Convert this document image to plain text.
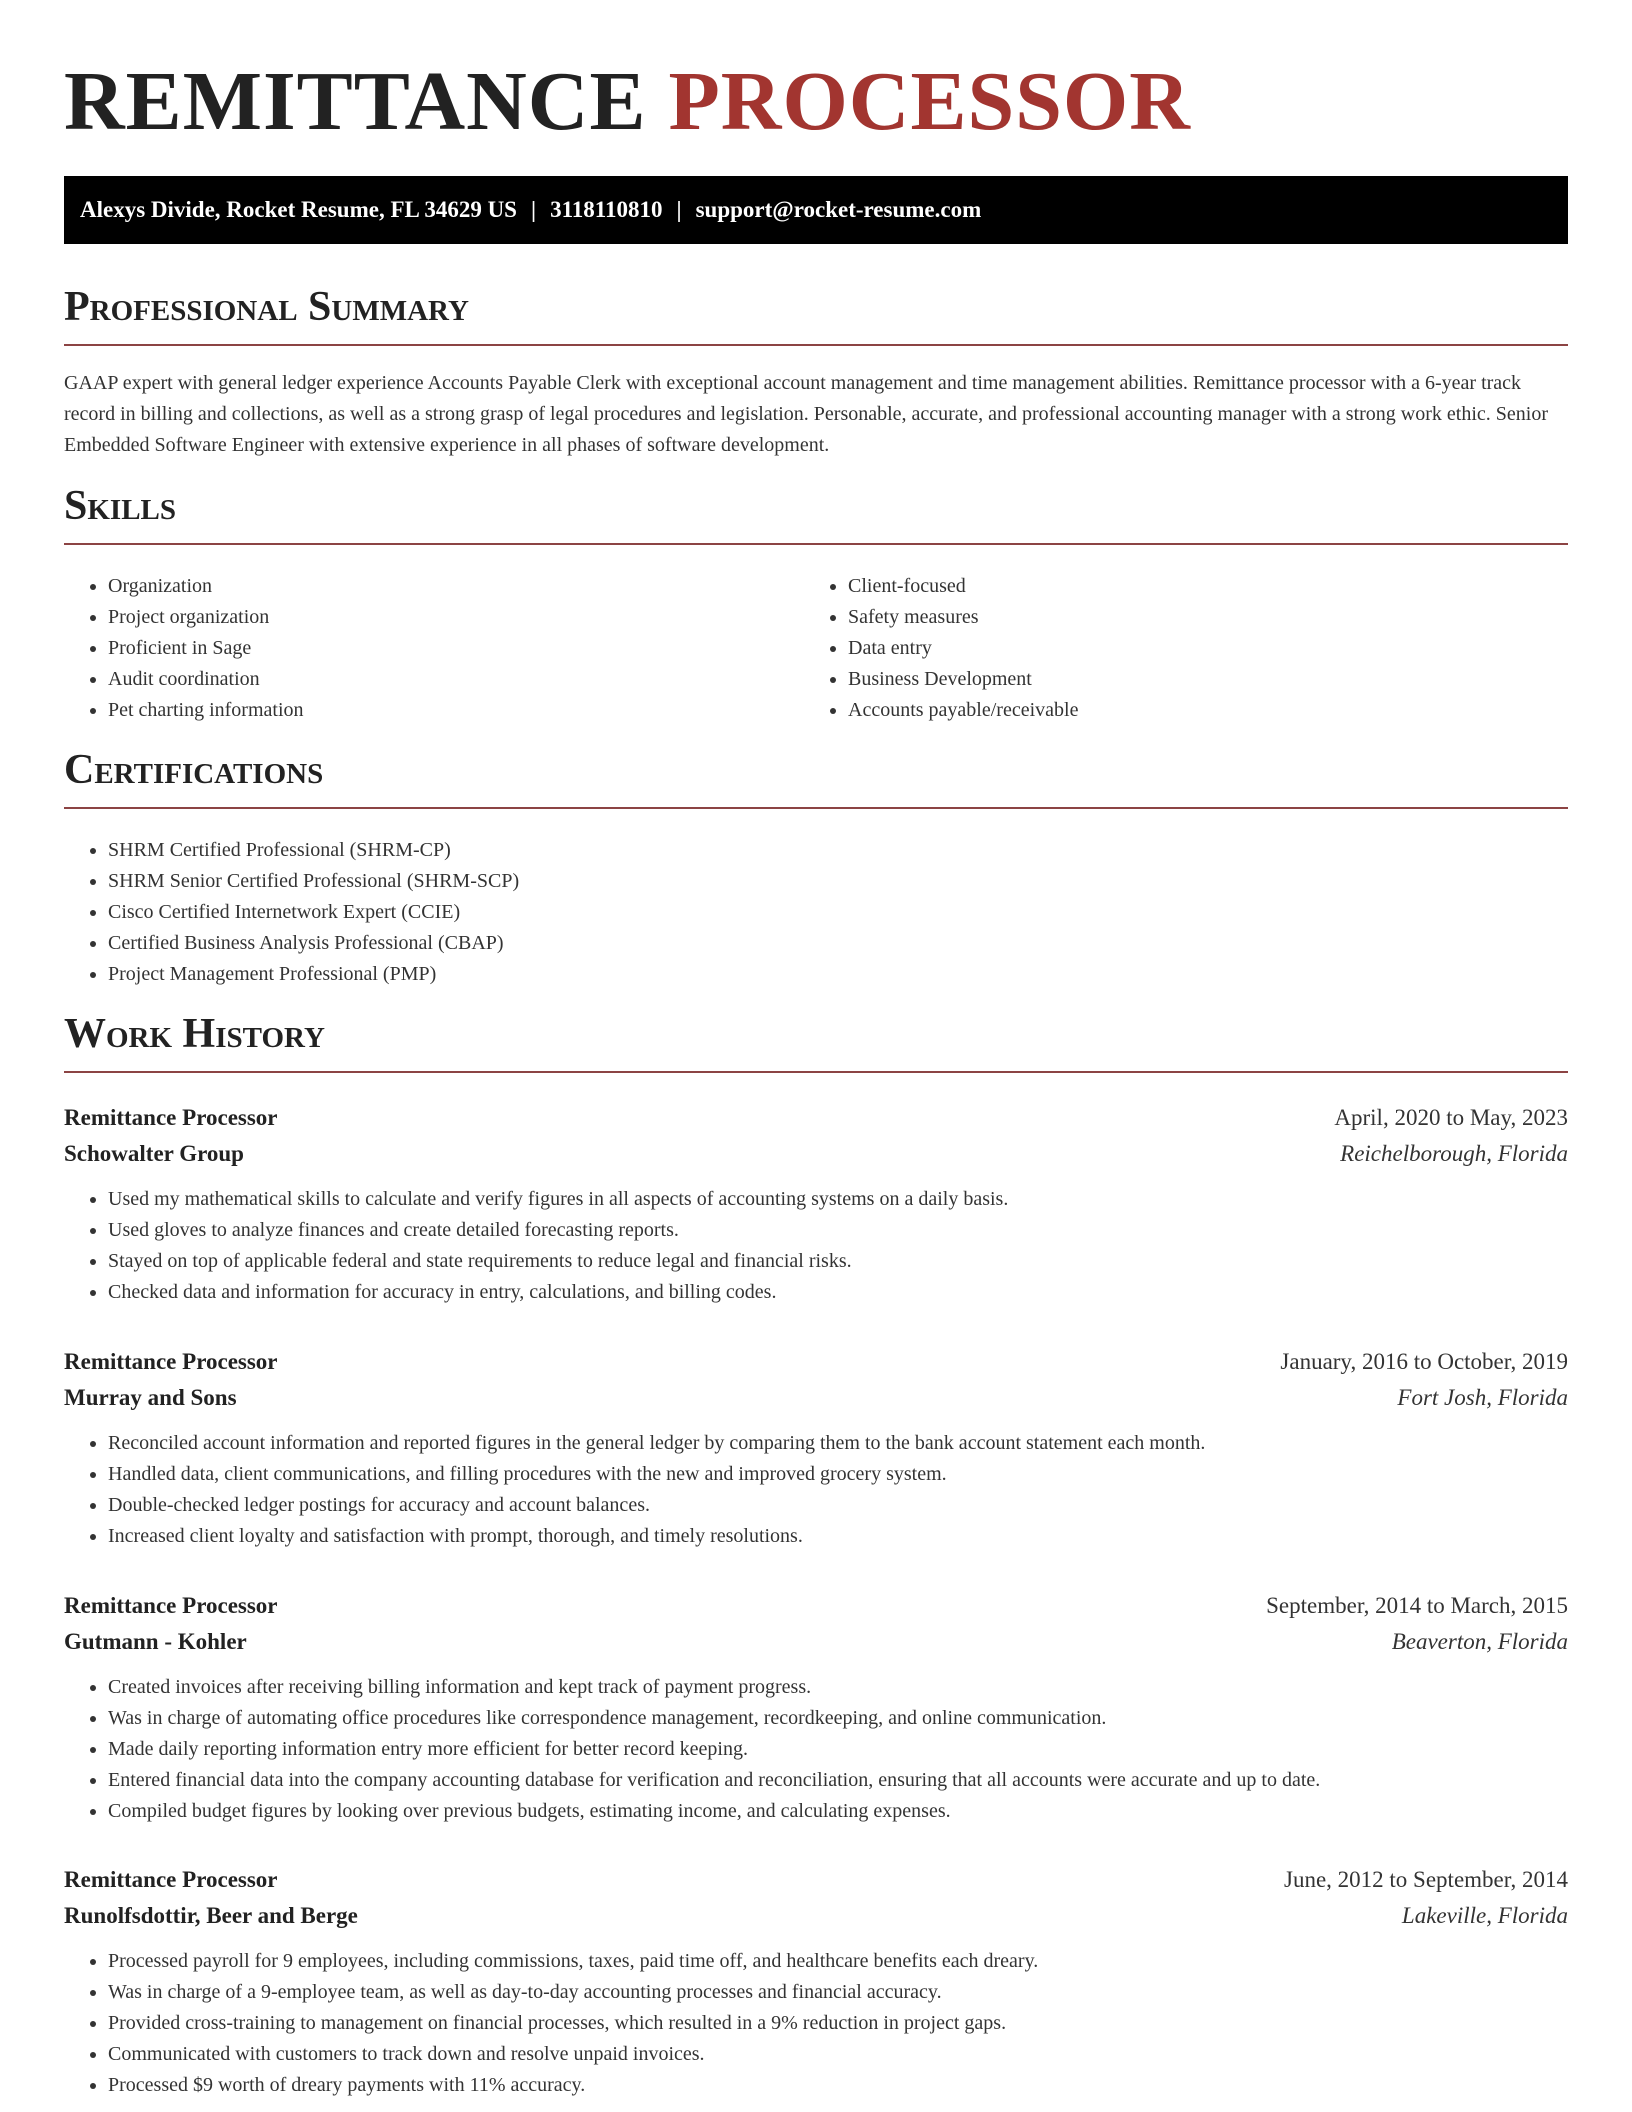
REMITTANCE PROCESSOR
Alexys Divide, Rocket Resume, FL 34629 US | 3118110810 | support@rocket-resume.com
Professional Summary

GAAP expert with general ledger experience Accounts Payable Clerk with exceptional account management and time management abilities. Remittance processor with a 6-year track record in billing and collections, as well as a strong grasp of legal procedures and legislation. Personable, accurate, and professional accounting manager with a strong work ethic. Senior Embedded Software Engineer with extensive experience in all phases of software development.

Skills
• Organization
• Project organization
• Proficient in Sage
• Audit coordination
• Pet charting information
• Client-focused
• Safety measures
• Data entry
• Business Development
• Accounts payable/receivable
Certifications
• SHRM Certified Professional (SHRM-CP)
• SHRM Senior Certified Professional (SHRM-SCP)
• Cisco Certified Internetwork Expert (CCIE)
• Certified Business Analysis Professional (CBAP)
• Project Management Professional (PMP)
Work History
Remittance Processor	April, 2020 to May, 2023
Schowalter Group	Reichelborough, Florida
• Used my mathematical skills to calculate and verify figures in all aspects of accounting systems on a daily basis.
• Used gloves to analyze finances and create detailed forecasting reports.
• Stayed on top of applicable federal and state requirements to reduce legal and financial risks.
• Checked data and information for accuracy in entry, calculations, and billing codes.
Remittance Processor	January, 2016 to October, 2019
Murray and Sons	Fort Josh, Florida
• Reconciled account information and reported figures in the general ledger by comparing them to the bank account statement each month.
• Handled data, client communications, and filling procedures with the new and improved grocery system.
• Double-checked ledger postings for accuracy and account balances.
• Increased client loyalty and satisfaction with prompt, thorough, and timely resolutions.
Remittance Processor	September, 2014 to March, 2015
Gutmann - Kohler	Beaverton, Florida
• Created invoices after receiving billing information and kept track of payment progress.
• Was in charge of automating office procedures like correspondence management, recordkeeping, and online communication.
• Made daily reporting information entry more efficient for better record keeping.
• Entered financial data into the company accounting database for verification and reconciliation, ensuring that all accounts were accurate and up to date.
• Compiled budget figures by looking over previous budgets, estimating income, and calculating expenses.
Remittance Processor	June, 2012 to September, 2014
Runolfsdottir, Beer and Berge	Lakeville, Florida
• Processed payroll for 9 employees, including commissions, taxes, paid time off, and healthcare benefits each dreary.
• Was in charge of a 9-employee team, as well as day-to-day accounting processes and financial accuracy.
• Provided cross-training to management on financial processes, which resulted in a 9% reduction in project gaps.
• Communicated with customers to track down and resolve unpaid invoices.
• Processed $9 worth of dreary payments with 11% accuracy.
